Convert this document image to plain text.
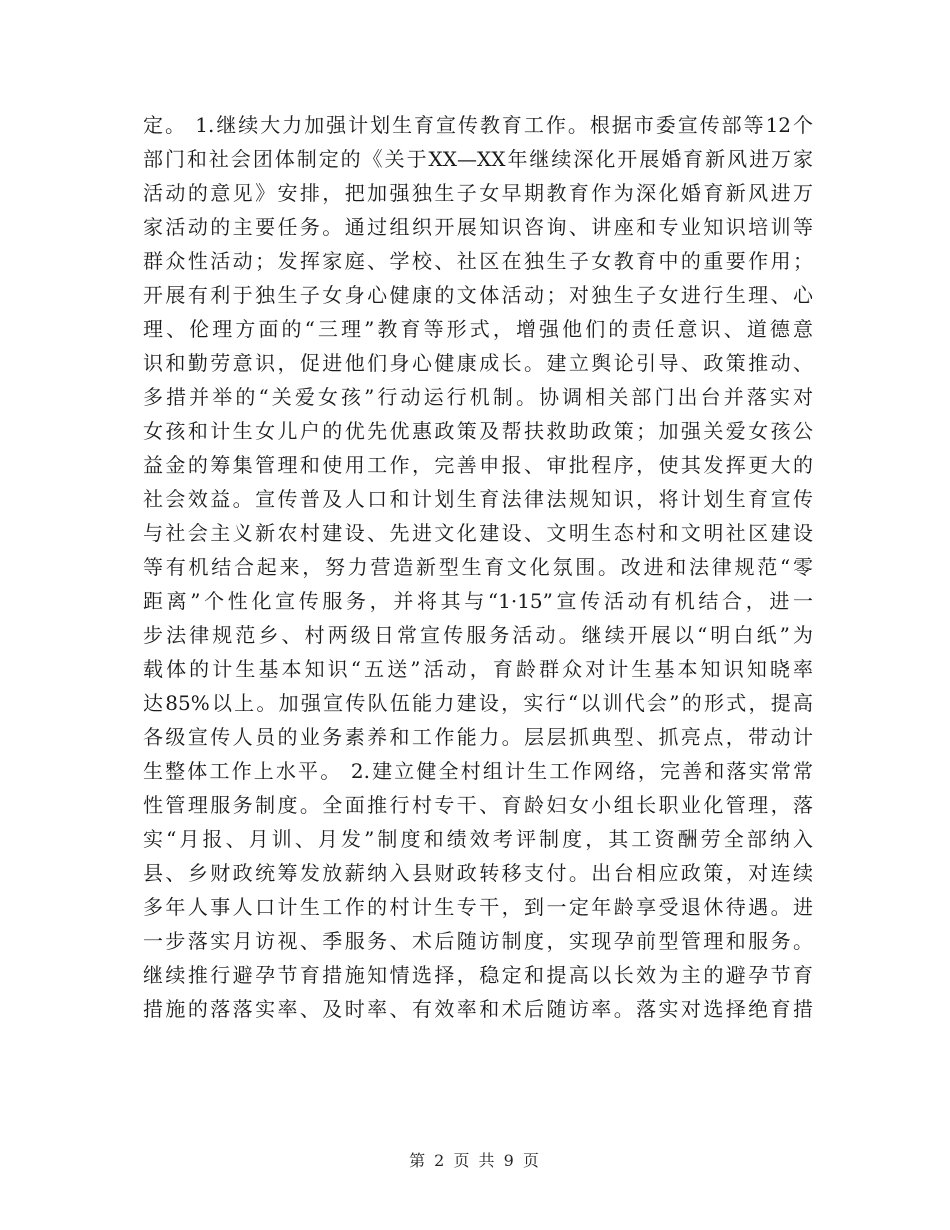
定。 1.继续大力加强计划生育宣传教育工作。根据市委宣传部等12个
部门和社会团体制定的《关于XX—XX年继续深化开展婚育新风进万家
活动的意见》安排，把加强独生子女早期教育作为深化婚育新风进万
家活动的主要任务。通过组织开展知识咨询、讲座和专业知识培训等
群众性活动；发挥家庭、学校、社区在独生子女教育中的重要作用；
开展有利于独生子女身心健康的文体活动；对独生子女进行生理、心
理、伦理方面的“三理”教育等形式，增强他们的责任意识、道德意
识和勤劳意识，促进他们身心健康成长。建立舆论引导、政策推动、
多措并举的“关爱女孩”行动运行机制。协调相关部门出台并落实对
女孩和计生女儿户的优先优惠政策及帮扶救助政策；加强关爱女孩公
益金的筹集管理和使用工作，完善申报、审批程序，使其发挥更大的
社会效益。宣传普及人口和计划生育法律法规知识，将计划生育宣传
与社会主义新农村建设、先进文化建设、文明生态村和文明社区建设
等有机结合起来，努力营造新型生育文化氛围。改进和法律规范“零
距离”个性化宣传服务，并将其与“1·15”宣传活动有机结合，进一
步法律规范乡、村两级日常宣传服务活动。继续开展以“明白纸”为
载体的计生基本知识“五送”活动，育龄群众对计生基本知识知晓率
达85%以上。加强宣传队伍能力建设，实行“以训代会”的形式，提高
各级宣传人员的业务素养和工作能力。层层抓典型、抓亮点，带动计
生整体工作上水平。 2.建立健全村组计生工作网络，完善和落实常常
性管理服务制度。全面推行村专干、育龄妇女小组长职业化管理，落
实“月报、月训、月发”制度和绩效考评制度，其工资酬劳全部纳入
县、乡财政统筹发放薪纳入县财政转移支付。出台相应政策，对连续
多年人事人口计生工作的村计生专干，到一定年龄享受退休待遇。进
一步落实月访视、季服务、术后随访制度，实现孕前型管理和服务。
继续推行避孕节育措施知情选择，稳定和提高以长效为主的避孕节育
措施的落落实率、及时率、有效率和术后随访率。落实对选择绝育措
第 2 页 共 9 页
